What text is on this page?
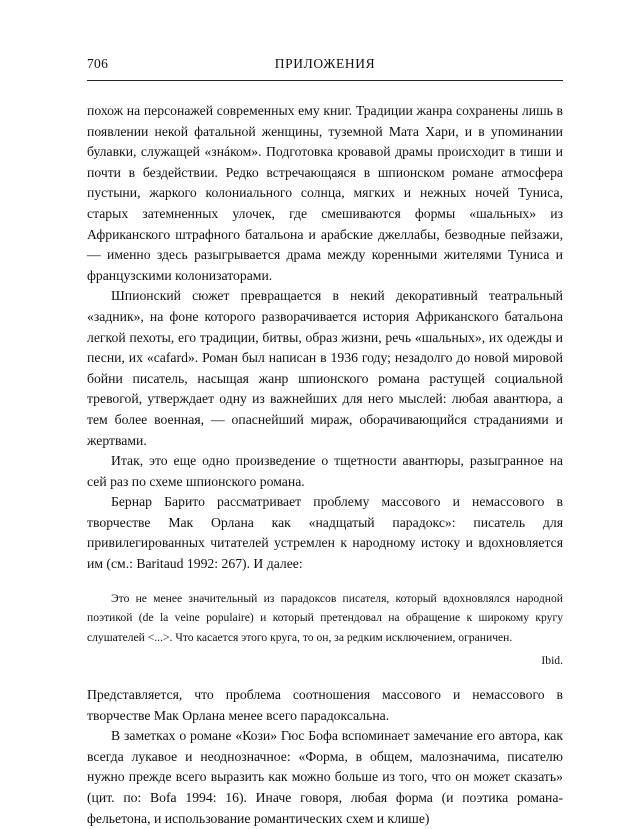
706	ПРИЛОЖЕНИЯ

похож на персонажей современных ему книг. Традиции жанра сохранены лишь в появлении некой фатальной женщины, туземной Мата Хари, и в упоминании булавки, служащей «знáком». Подготовка кровавой драмы происходит в тиши и почти в бездействии. Редко встречающаяся в шпионском романе атмосфера пустыни, жаркого колониального солнца, мягких и нежных ночей Туниса, старых затемненных улочек, где смешиваются формы «шальных» из Африканского штрафного батальона и арабские джеллабы, безводные пейзажи, — именно здесь разыгрывается драма между коренными жителями Туниса и французскими колонизаторами.

Шпионский сюжет превращается в некий декоративный театральный «задник», на фоне которого разворачивается история Африканского батальона легкой пехоты, его традиции, битвы, образ жизни, речь «шальных», их одежды и песни, их «cafard». Роман был написан в 1936 году; незадолго до новой мировой бойни писатель, насыщая жанр шпионского романа растущей социальной тревогой, утверждает одну из важнейших для него мыслей: любая авантюра, а тем более военная, — опаснейший мираж, оборачивающийся страданиями и жертвами.

Итак, это еще одно произведение о тщетности авантюры, разыгранное на сей раз по схеме шпионского романа.

Бернар Барито рассматривает проблему массового и немассового в творчестве Мак Орлана как «надщатый парадокс»: писатель для привилегированных читателей устремлен к народному истоку и вдохновляется им (см.: Baritaud 1992: 267). И далее:

Это не менее значительный из парадоксов писателя, который вдохновлялся народной поэтикой (de la veine populaire) и который претендовал на обращение к широкому кругу слушателей <...>. Что касается этого круга, то он, за редким исключением, ограничен.

Ibid.

Представляется, что проблема соотношения массового и немассового в творчестве Мак Орлана менее всего парадоксальна.

В заметках о романе «Кози» Гюс Бофа вспоминает замечание его автора, как всегда лукавое и неоднозначное: «Форма, в общем, малозначима, писателю нужно прежде всего выразить как можно больше из того, что он может сказать» (цит. по: Bofa 1994: 16). Иначе говоря, любая форма (и поэтика романа-фельетона, и использование романтических схем и клише)
